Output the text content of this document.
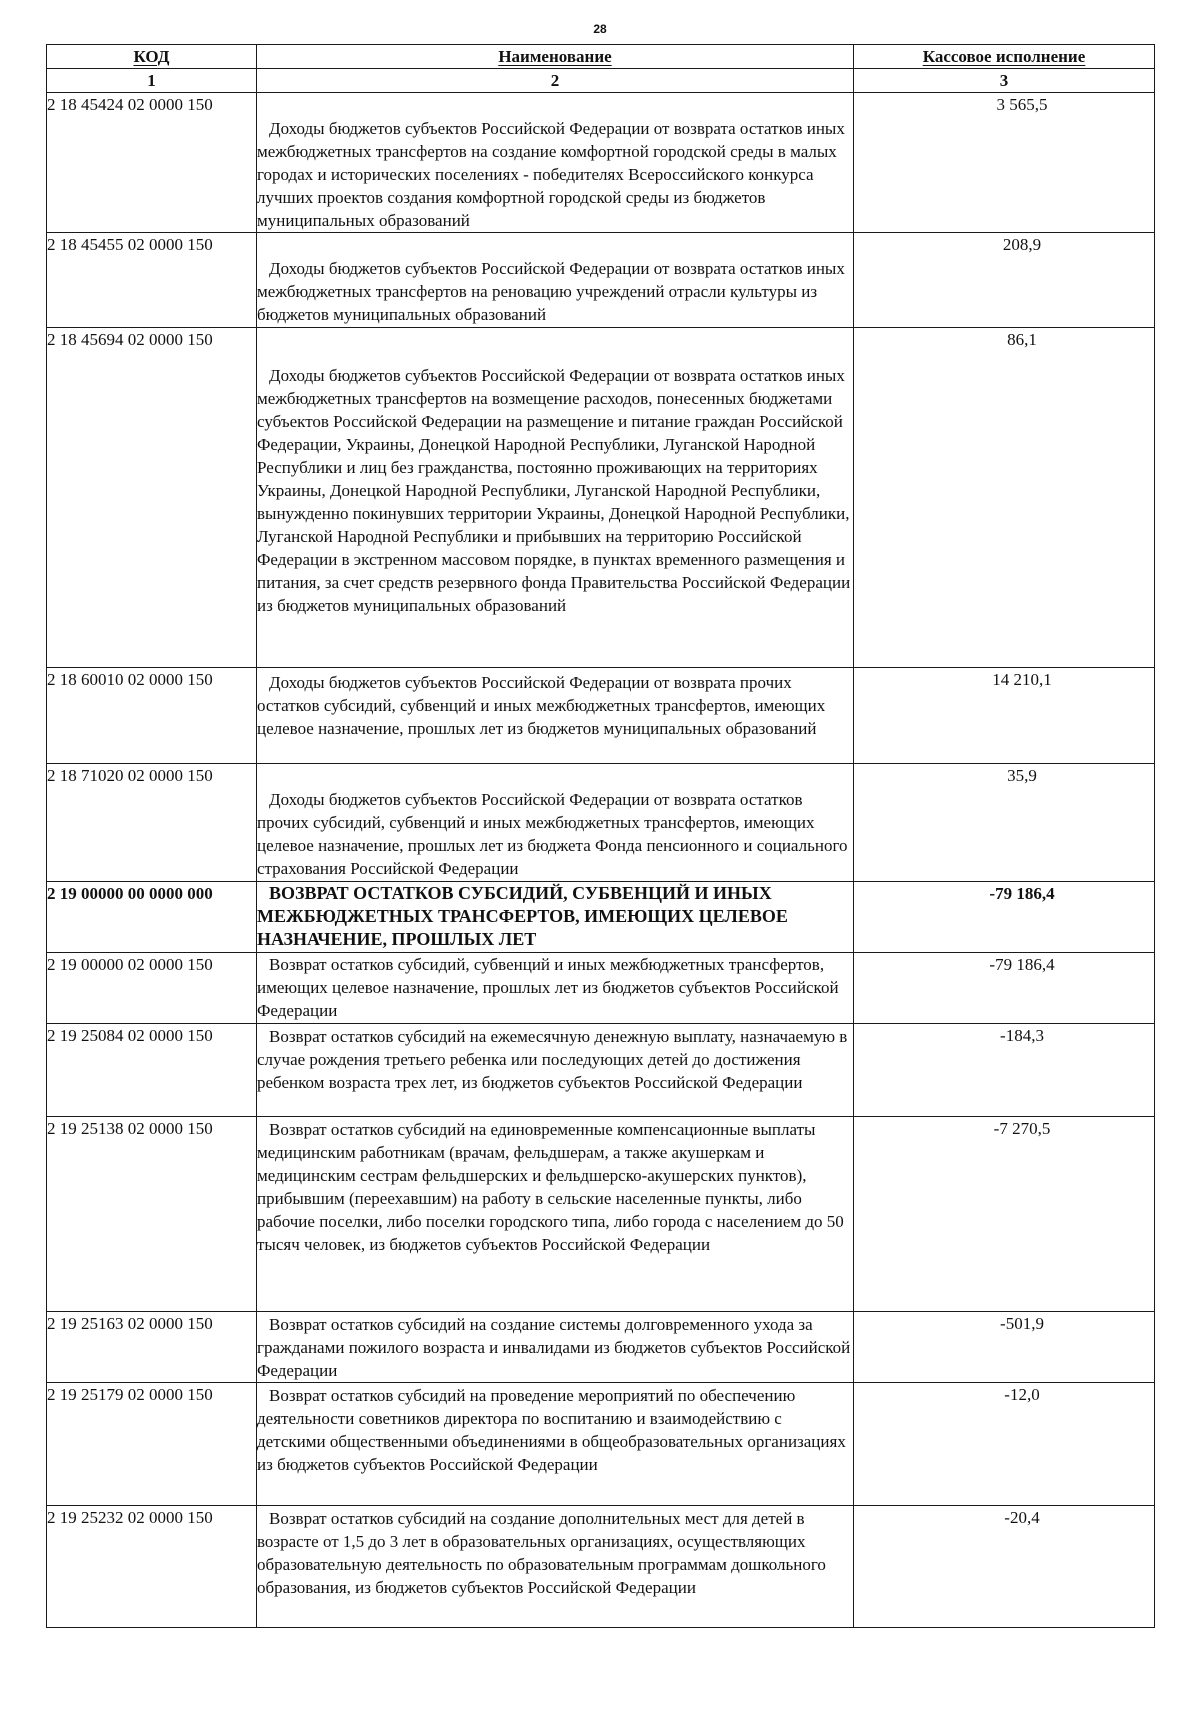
28
КОД	Наименование	Кассовое исполнение
1	2	3
2 18 45424 02 0000 150	Доходы бюджетов субъектов Российской Федерации от возврата остатков иных межбюджетных трансфертов на создание комфортной городской среды в малых городах и исторических поселениях - победителях Всероссийского конкурса лучших проектов создания комфортной городской среды из бюджетов муниципальных образований	3 565,5
2 18 45455 02 0000 150	Доходы бюджетов субъектов Российской Федерации от возврата остатков иных межбюджетных трансфертов на реновацию учреждений отрасли культуры из бюджетов муниципальных образований	208,9
2 18 45694 02 0000 150	Доходы бюджетов субъектов Российской Федерации от возврата остатков иных межбюджетных трансфертов на возмещение расходов, понесенных бюджетами субъектов Российской Федерации на размещение и питание граждан Российской Федерации, Украины, Донецкой Народной Республики, Луганской Народной Республики и лиц без гражданства, постоянно проживающих на территориях Украины, Донецкой Народной Республики, Луганской Народной Республики, вынужденно покинувших территории Украины, Донецкой Народной Республики, Луганской Народной Республики и прибывших на территорию Российской Федерации в экстренном массовом порядке, в пунктах временного размещения и питания, за счет средств резервного фонда Правительства Российской Федерации из бюджетов муниципальных образований	86,1
2 18 60010 02 0000 150	Доходы бюджетов субъектов Российской Федерации от возврата прочих остатков субсидий, субвенций и иных межбюджетных трансфертов, имеющих целевое назначение, прошлых лет из бюджетов муниципальных образований	14 210,1
2 18 71020 02 0000 150	Доходы бюджетов субъектов Российской Федерации от возврата остатков прочих субсидий, субвенций и иных межбюджетных трансфертов, имеющих целевое назначение, прошлых лет из бюджета Фонда пенсионного и социального страхования Российской Федерации	35,9
2 19 00000 00 0000 000	ВОЗВРАТ ОСТАТКОВ СУБСИДИЙ, СУБВЕНЦИЙ И ИНЫХ МЕЖБЮДЖЕТНЫХ ТРАНСФЕРТОВ, ИМЕЮЩИХ ЦЕЛЕВОЕ НАЗНАЧЕНИЕ, ПРОШЛЫХ ЛЕТ	-79 186,4
2 19 00000 02 0000 150	Возврат остатков субсидий, субвенций и иных межбюджетных трансфертов, имеющих целевое назначение, прошлых лет из бюджетов субъектов Российской Федерации	-79 186,4
2 19 25084 02 0000 150	Возврат остатков субсидий на ежемесячную денежную выплату, назначаемую в случае рождения третьего ребенка или последующих детей до достижения ребенком возраста трех лет, из бюджетов субъектов Российской Федерации	-184,3
2 19 25138 02 0000 150	Возврат остатков субсидий на единовременные компенсационные выплаты медицинским работникам (врачам, фельдшерам, а также акушеркам и медицинским сестрам фельдшерских и фельдшерско-акушерских пунктов), прибывшим (переехавшим) на работу в сельские населенные пункты, либо рабочие поселки, либо поселки городского типа, либо города с населением до 50 тысяч человек, из бюджетов субъектов Российской Федерации	-7 270,5
2 19 25163 02 0000 150	Возврат остатков субсидий на создание системы долговременного ухода за гражданами пожилого возраста и инвалидами из бюджетов субъектов Российской Федерации	-501,9
2 19 25179 02 0000 150	Возврат остатков субсидий на проведение мероприятий по обеспечению деятельности советников директора по воспитанию и взаимодействию с детскими общественными объединениями в общеобразовательных организациях из бюджетов субъектов Российской Федерации	-12,0
2 19 25232 02 0000 150	Возврат остатков субсидий на создание дополнительных мест для детей в возрасте от 1,5 до 3 лет в образовательных организациях, осуществляющих образовательную деятельность по образовательным программам дошкольного образования, из бюджетов субъектов Российской Федерации	-20,4
